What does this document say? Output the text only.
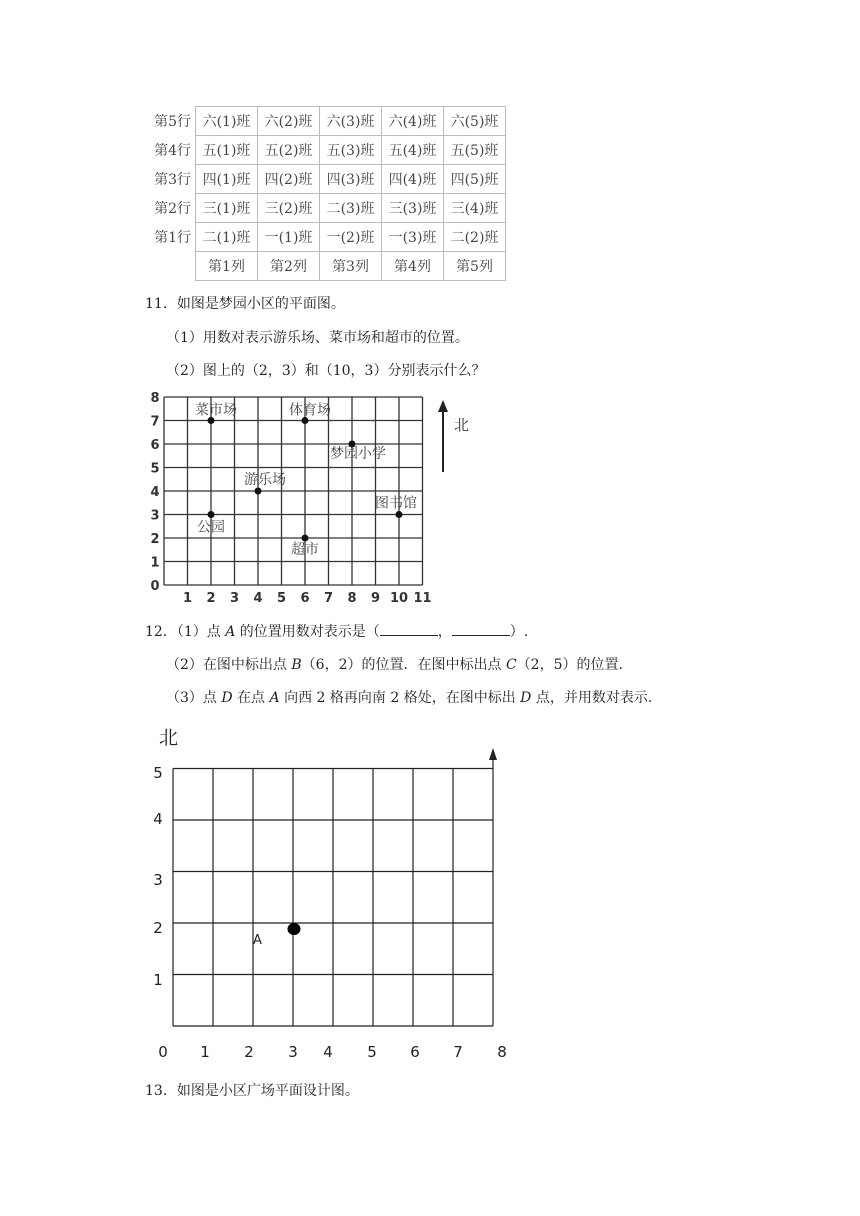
第5行	六(1)班	六(2)班	六(3)班	六(4)班	六(5)班
第4行	五(1)班	五(2)班	五(3)班	五(4)班	五(5)班
第3行	四(1)班	四(2)班	四(3)班	四(4)班	四(5)班
第2行	三(1)班	三(2)班	二(3)班	三(3)班	三(4)班
第1行	二(1)班	一(1)班	一(2)班	一(3)班	二(2)班
	第1列	第2列	第3列	第4列	第5列
11．如图是梦园小区的平面图。
（1）用数对表示游乐场、菜市场和超市的位置。
（2）图上的（2，3）和（10，3）分别表示什么？
1 2 3 4 5 6 7 8 9 10 11
0
1
2
3
4
5
6
7
8
菜市场	体育场
梦园小学
游乐场
图书馆
公园
超市
北
12．（1）点 A 的位置用数对表示是（	，	）.
（2）在图中标出点 B（6，2）的位置．在图中标出点 C（2，5）的位置.
（3）点 D 在点 A 向西 2 格再向南 2 格处，在图中标出 D 点，并用数对表示.
北
0 1 2 3 4 5 6 7 8
5
4
3
2
1
A
13．如图是小区广场平面设计图。
